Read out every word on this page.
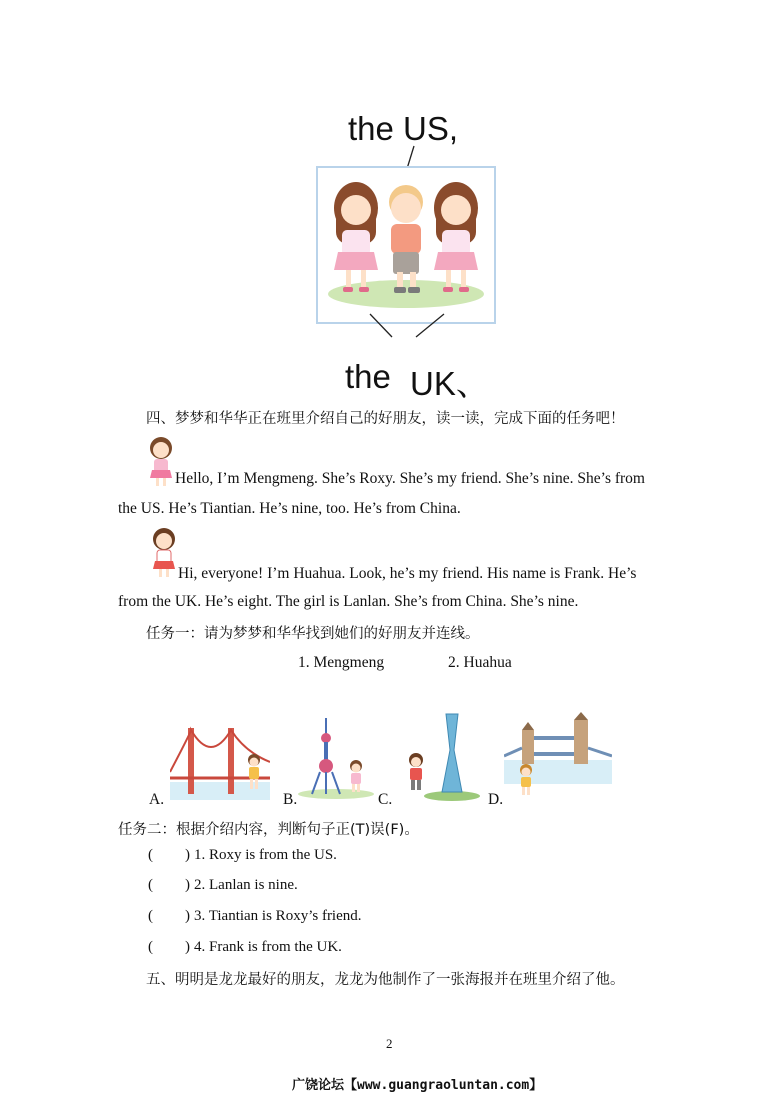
the US,
the UK、
四、梦梦和华华正在班里介绍自己的好朋友，读一读，完成下面的任务吧！
Hello, I’m Mengmeng. She’s Roxy. She’s my friend. She’s nine. She’s from
the US. He’s Tiantian. He’s nine, too. He’s from China.
Hi, everyone! I’m Huahua. Look, he’s my friend. His name is Frank. He’s
from the UK. He’s eight. The girl is Lanlan. She’s from China. She’s nine.
任务一：请为梦梦和华华找到她们的好朋友并连线。
1. Mengmeng	2. Huahua
A.	B.	C.	D.
任务二：根据介绍内容，判断句子正(T)误(F)。
( ) 1. Roxy is from the US.
( ) 2. Lanlan is nine.
( ) 3. Tiantian is Roxy’s friend.
( ) 4. Frank is from the UK.
五、明明是龙龙最好的朋友，龙龙为他制作了一张海报并在班里介绍了他。
2
广饶论坛【www.guangraoluntan.com】
